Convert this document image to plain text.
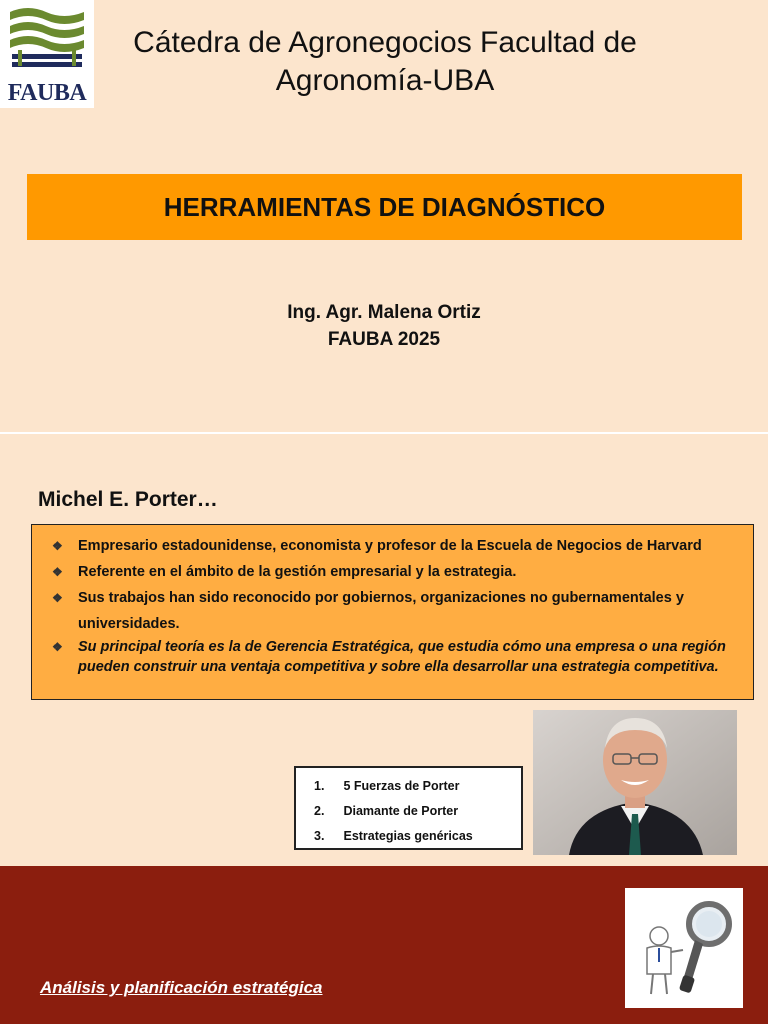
FAUBA
Cátedra de Agronegocios Facultad de
Agronomía-UBA
HERRAMIENTAS DE DIAGNÓSTICO
Ing. Agr. Malena Ortiz
FAUBA 2025
Michel E. Porter…
❖ Empresario estadounidense, economista y profesor de la Escuela de Negocios de Harvard
❖ Referente en el ámbito de la gestión empresarial y la estrategia.
❖ Sus trabajos han sido reconocido por gobiernos, organizaciones no gubernamentales y universidades.
❖ Su principal teoría es la de Gerencia Estratégica, que estudia cómo una empresa o una región pueden construir una ventaja competitiva y sobre ella desarrollar una estrategia competitiva.
1. 5 Fuerzas de Porter
2. Diamante de Porter
3. Estrategias genéricas
Análisis y planificación estratégica
